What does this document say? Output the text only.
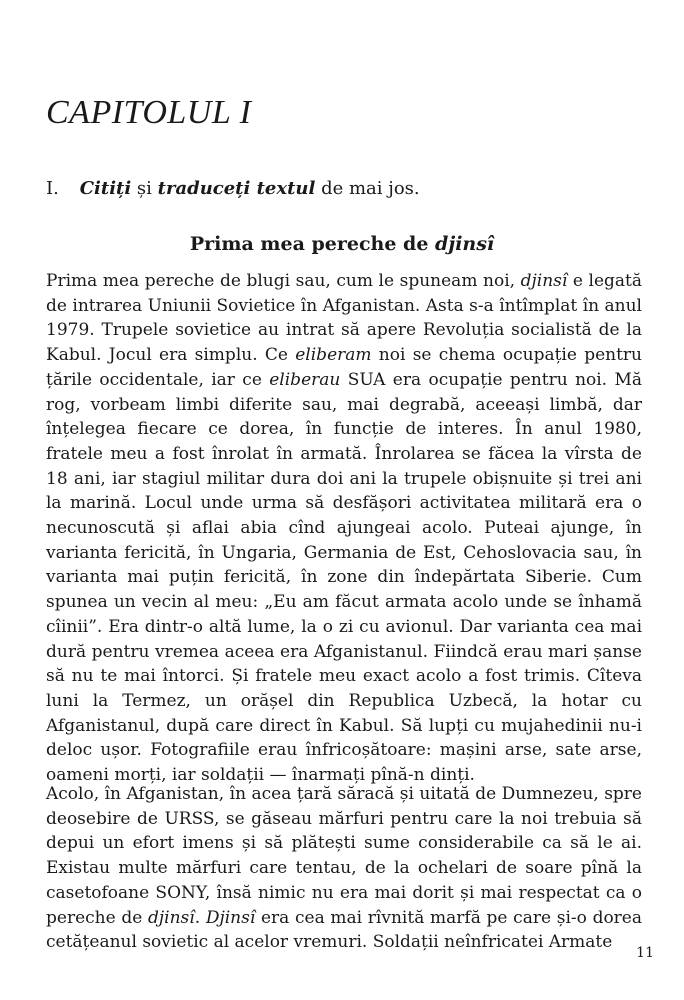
CAPITOLUL I
I. Citiți și traduceți textul de mai jos.
Prima mea pereche de djinsî

Prima mea pereche de blugi sau, cum le spuneam noi, djinsî e legată de intrarea Uniunii Sovietice în Afganistan. Asta s-a întîmplat în anul 1979. Trupele sovietice au intrat să apere Revoluția socialistă de la Kabul. Jocul era simplu. Ce eliberam noi se chema ocupație pentru țările occidentale, iar ce eliberau SUA era ocupație pentru noi. Mă rog, vorbeam limbi diferite sau, mai degrabă, aceeași limbă, dar înțelegea fiecare ce dorea, în funcție de interes. În anul 1980, fratele meu a fost înrolat în armată. Înrolarea se făcea la vîrsta de 18 ani, iar stagiul militar dura doi ani la trupele obișnuite și trei ani la marină. Locul unde urma să desfășori activitatea militară era o necunoscută și aflai abia cînd ajungeai acolo. Puteai ajunge, în varianta fericită, în Ungaria, Germania de Est, Cehoslovacia sau, în varianta mai puțin fericită, în zone din îndepărtata Siberie. Cum spunea un vecin al meu: „Eu am făcut armata acolo unde se înhamă cîinii”. Era dintr-o altă lume, la o zi cu avionul. Dar varianta cea mai dură pentru vremea aceea era Afganistanul. Fiindcă erau mari șanse să nu te mai întorci. Și fratele meu exact acolo a fost trimis. Cîteva luni la Termez, un orășel din Republica Uzbecă, la hotar cu Afganistanul, după care direct în Kabul. Să lupți cu mujahedinii nu-i deloc ușor. Fotografiile erau înfricoșătoare: mașini arse, sate arse, oameni morți, iar soldații — înarmați pînă-n dinți.

Acolo, în Afganistan, în acea țară săracă și uitată de Dumnezeu, spre deosebire de URSS, se găseau mărfuri pentru care la noi trebuia să depui un efort imens și să plătești sume considerabile ca să le ai. Existau multe mărfuri care tentau, de la ochelari de soare pînă la casetofoane SONY, însă nimic nu era mai dorit și mai respectat ca o pereche de djinsî. Djinsî era cea mai rîvnită marfă pe care și-o dorea cetățeanul sovietic al acelor vremuri. Soldații neînfricatei Armate

11
